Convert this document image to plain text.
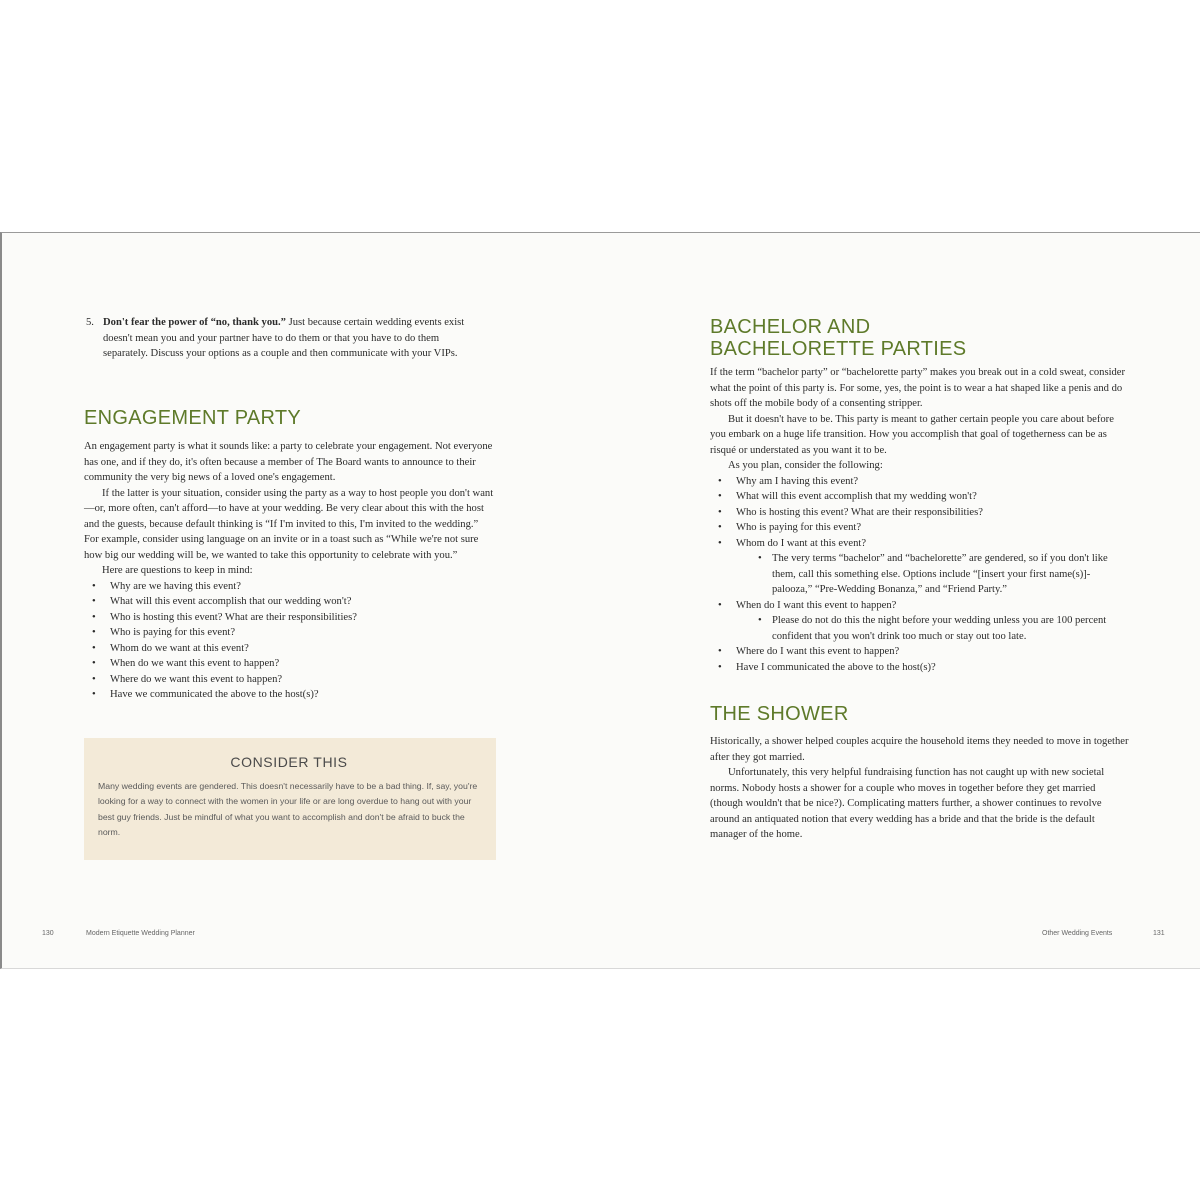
5. Don't fear the power of “no, thank you.” Just because certain wedding events exist doesn't mean you and your partner have to do them or that you have to do them separately. Discuss your options as a couple and then communicate with your VIPs.
ENGAGEMENT PARTY

An engagement party is what it sounds like: a party to celebrate your engagement. Not everyone has one, and if they do, it's often because a member of The Board wants to announce to their community the very big news of a loved one's engagement.

If the latter is your situation, consider using the party as a way to host people you don't want—or, more often, can't afford—to have at your wedding. Be very clear about this with the host and the guests, because default thinking is “If I'm invited to this, I'm invited to the wedding.” For example, consider using language on an invite or in a toast such as “While we're not sure how big our wedding will be, we wanted to take this opportunity to celebrate with you.”

Here are questions to keep in mind:

• Why are we having this event?
• What will this event accomplish that our wedding won't?
• Who is hosting this event? What are their responsibilities?
• Who is paying for this event?
• Whom do we want at this event?
• When do we want this event to happen?
• Where do we want this event to happen?
• Have we communicated the above to the host(s)?
CONSIDER THIS

Many wedding events are gendered. This doesn't necessarily have to be a bad thing. If, say, you're looking for a way to connect with the women in your life or are long overdue to hang out with your best guy friends. Just be mindful of what you want to accomplish and don't be afraid to buck the norm.

130	Modern Etiquette Wedding Planner
BACHELOR AND BACHELORETTE PARTIES

If the term “bachelor party” or “bachelorette party” makes you break out in a cold sweat, consider what the point of this party is. For some, yes, the point is to wear a hat shaped like a penis and do shots off the mobile body of a consenting stripper.

But it doesn't have to be. This party is meant to gather certain people you care about before you embark on a huge life transition. How you accomplish that goal of togetherness can be as risqué or understated as you want it to be.

As you plan, consider the following:

• Why am I having this event?
• What will this event accomplish that my wedding won't?
• Who is hosting this event? What are their responsibilities?
• Who is paying for this event?
• Whom do I want at this event?
• The very terms “bachelor” and “bachelorette” are gendered, so if you don't like them, call this something else. Options include “[insert your first name(s)]-palooza,” “Pre-Wedding Bonanza,” and “Friend Party.”
• When do I want this event to happen?
• Please do not do this the night before your wedding unless you are 100 percent confident that you won't drink too much or stay out too late.
• Where do I want this event to happen?
• Have I communicated the above to the host(s)?
THE SHOWER

Historically, a shower helped couples acquire the household items they needed to move in together after they got married.

Unfortunately, this very helpful fundraising function has not caught up with new societal norms. Nobody hosts a shower for a couple who moves in together before they get married (though wouldn't that be nice?). Complicating matters further, a shower continues to revolve around an antiquated notion that every wedding has a bride and that the bride is the default manager of the home.

Other Wedding Events	131
